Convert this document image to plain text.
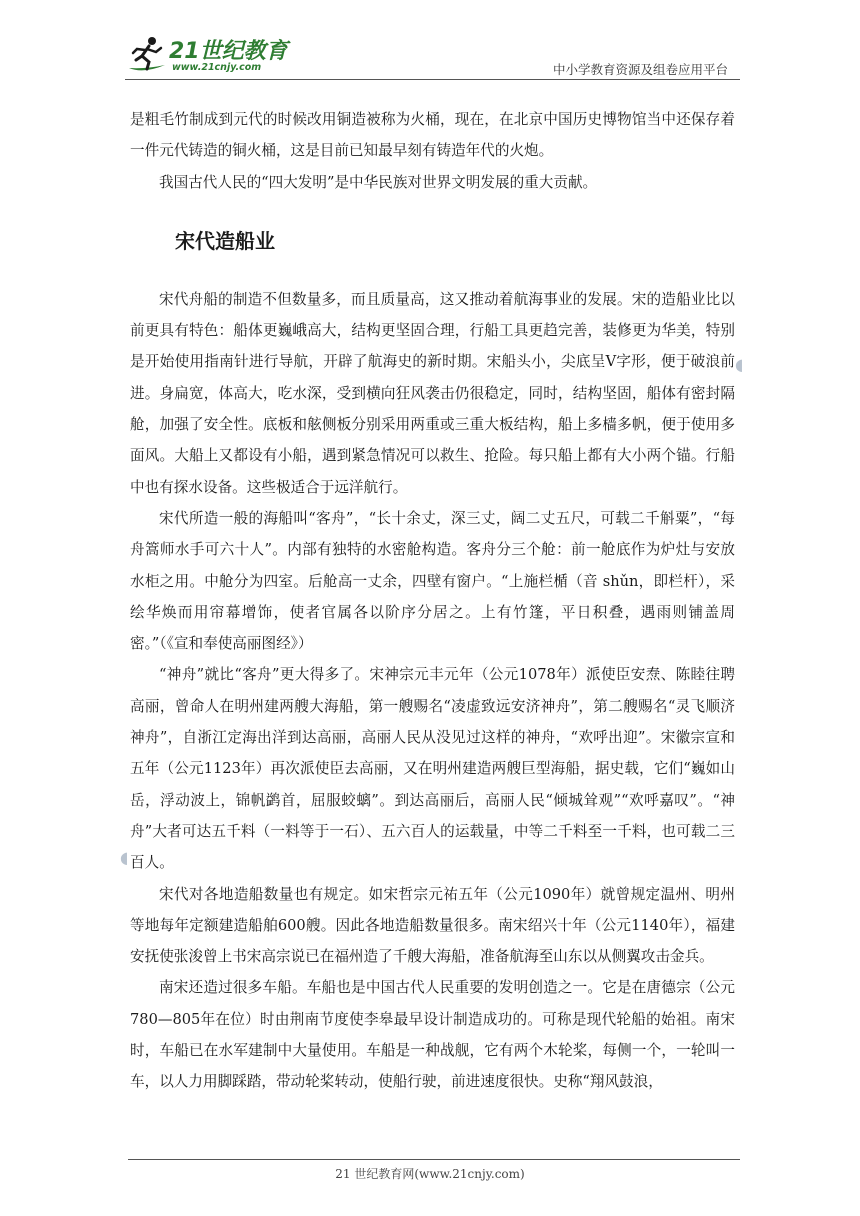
21世纪教育
www.21cnjy.com	中小学教育资源及组卷应用平台

是粗毛竹制成到元代的时候改用铜造被称为火桶，现在，在北京中国历史博物馆当中还保存着一件元代铸造的铜火桶，这是目前已知最早刻有铸造年代的火炮。

我国古代人民的“四大发明”是中华民族对世界文明发展的重大贡献。

宋代造船业

宋代舟船的制造不但数量多，而且质量高，这又推动着航海事业的发展。宋的造船业比以前更具有特色：船体更巍峨高大，结构更坚固合理，行船工具更趋完善，装修更为华美，特别是开始使用指南针进行导航，开辟了航海史的新时期。宋船头小，尖底呈V字形，便于破浪前进。身扁宽，体高大，吃水深，受到横向狂风袭击仍很稳定，同时，结构坚固，船体有密封隔舱，加强了安全性。底板和舷侧板分别采用两重或三重大板结构，船上多樯多帆，便于使用多面风。大船上又都设有小船，遇到紧急情况可以救生、抢险。每只船上都有大小两个锚。行船中也有探水设备。这些极适合于远洋航行。

宋代所造一般的海船叫“客舟”，“长十余丈，深三丈，阔二丈五尺，可载二千斛粟”，“每舟篙师水手可六十人”。内部有独特的水密舱构造。客舟分三个舱：前一舱底作为炉灶与安放水柜之用。中舱分为四室。后舱高一丈余，四壁有窗户。“上施栏楯（音 shǔn，即栏杆），采绘华焕而用帘幕增饰，使者官属各以阶序分居之。上有竹篷，平日积叠，遇雨则铺盖周密。”（《宣和奉使高丽图经》）

“神舟”就比“客舟”更大得多了。宋神宗元丰元年（公元1078年）派使臣安焘、陈睦往聘高丽，曾命人在明州建两艘大海船，第一艘赐名“凌虚致远安济神舟”，第二艘赐名“灵飞顺济神舟”，自浙江定海出洋到达高丽，高丽人民从没见过这样的神舟，“欢呼出迎”。宋徽宗宣和五年（公元1123年）再次派使臣去高丽，又在明州建造两艘巨型海船，据史载，它们“巍如山岳，浮动波上，锦帆鹢首，屈服蛟螭”。到达高丽后，高丽人民“倾城耸观”“欢呼嘉叹”。“神舟”大者可达五千料（一料等于一石）、五六百人的运载量，中等二千料至一千料，也可载二三百人。

宋代对各地造船数量也有规定。如宋哲宗元祐五年（公元1090年）就曾规定温州、明州等地每年定额建造船舶600艘。因此各地造船数量很多。南宋绍兴十年（公元1140年），福建安抚使张浚曾上书宋高宗说已在福州造了千艘大海船，准备航海至山东以从侧翼攻击金兵。

南宋还造过很多车船。车船也是中国古代人民重要的发明创造之一。它是在唐德宗（公元780—805年在位）时由荆南节度使李皋最早设计制造成功的。可称是现代轮船的始祖。南宋时，车船已在水军建制中大量使用。车船是一种战舰，它有两个木轮桨，每侧一个，一轮叫一车，以人力用脚踩踏，带动轮桨转动，使船行驶，前进速度很快。史称“翔风鼓浪，

◖
◖
21 世纪教育网(www.21cnjy.com)
